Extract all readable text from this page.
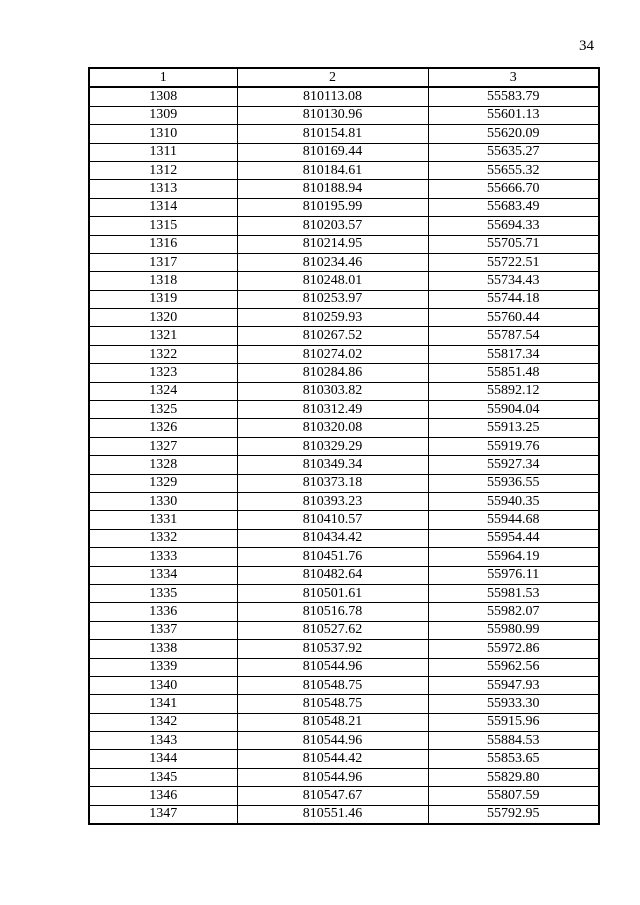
34
1	2	3
1308	810113.08	55583.79
1309	810130.96	55601.13
1310	810154.81	55620.09
1311	810169.44	55635.27
1312	810184.61	55655.32
1313	810188.94	55666.70
1314	810195.99	55683.49
1315	810203.57	55694.33
1316	810214.95	55705.71
1317	810234.46	55722.51
1318	810248.01	55734.43
1319	810253.97	55744.18
1320	810259.93	55760.44
1321	810267.52	55787.54
1322	810274.02	55817.34
1323	810284.86	55851.48
1324	810303.82	55892.12
1325	810312.49	55904.04
1326	810320.08	55913.25
1327	810329.29	55919.76
1328	810349.34	55927.34
1329	810373.18	55936.55
1330	810393.23	55940.35
1331	810410.57	55944.68
1332	810434.42	55954.44
1333	810451.76	55964.19
1334	810482.64	55976.11
1335	810501.61	55981.53
1336	810516.78	55982.07
1337	810527.62	55980.99
1338	810537.92	55972.86
1339	810544.96	55962.56
1340	810548.75	55947.93
1341	810548.75	55933.30
1342	810548.21	55915.96
1343	810544.96	55884.53
1344	810544.42	55853.65
1345	810544.96	55829.80
1346	810547.67	55807.59
1347	810551.46	55792.95
